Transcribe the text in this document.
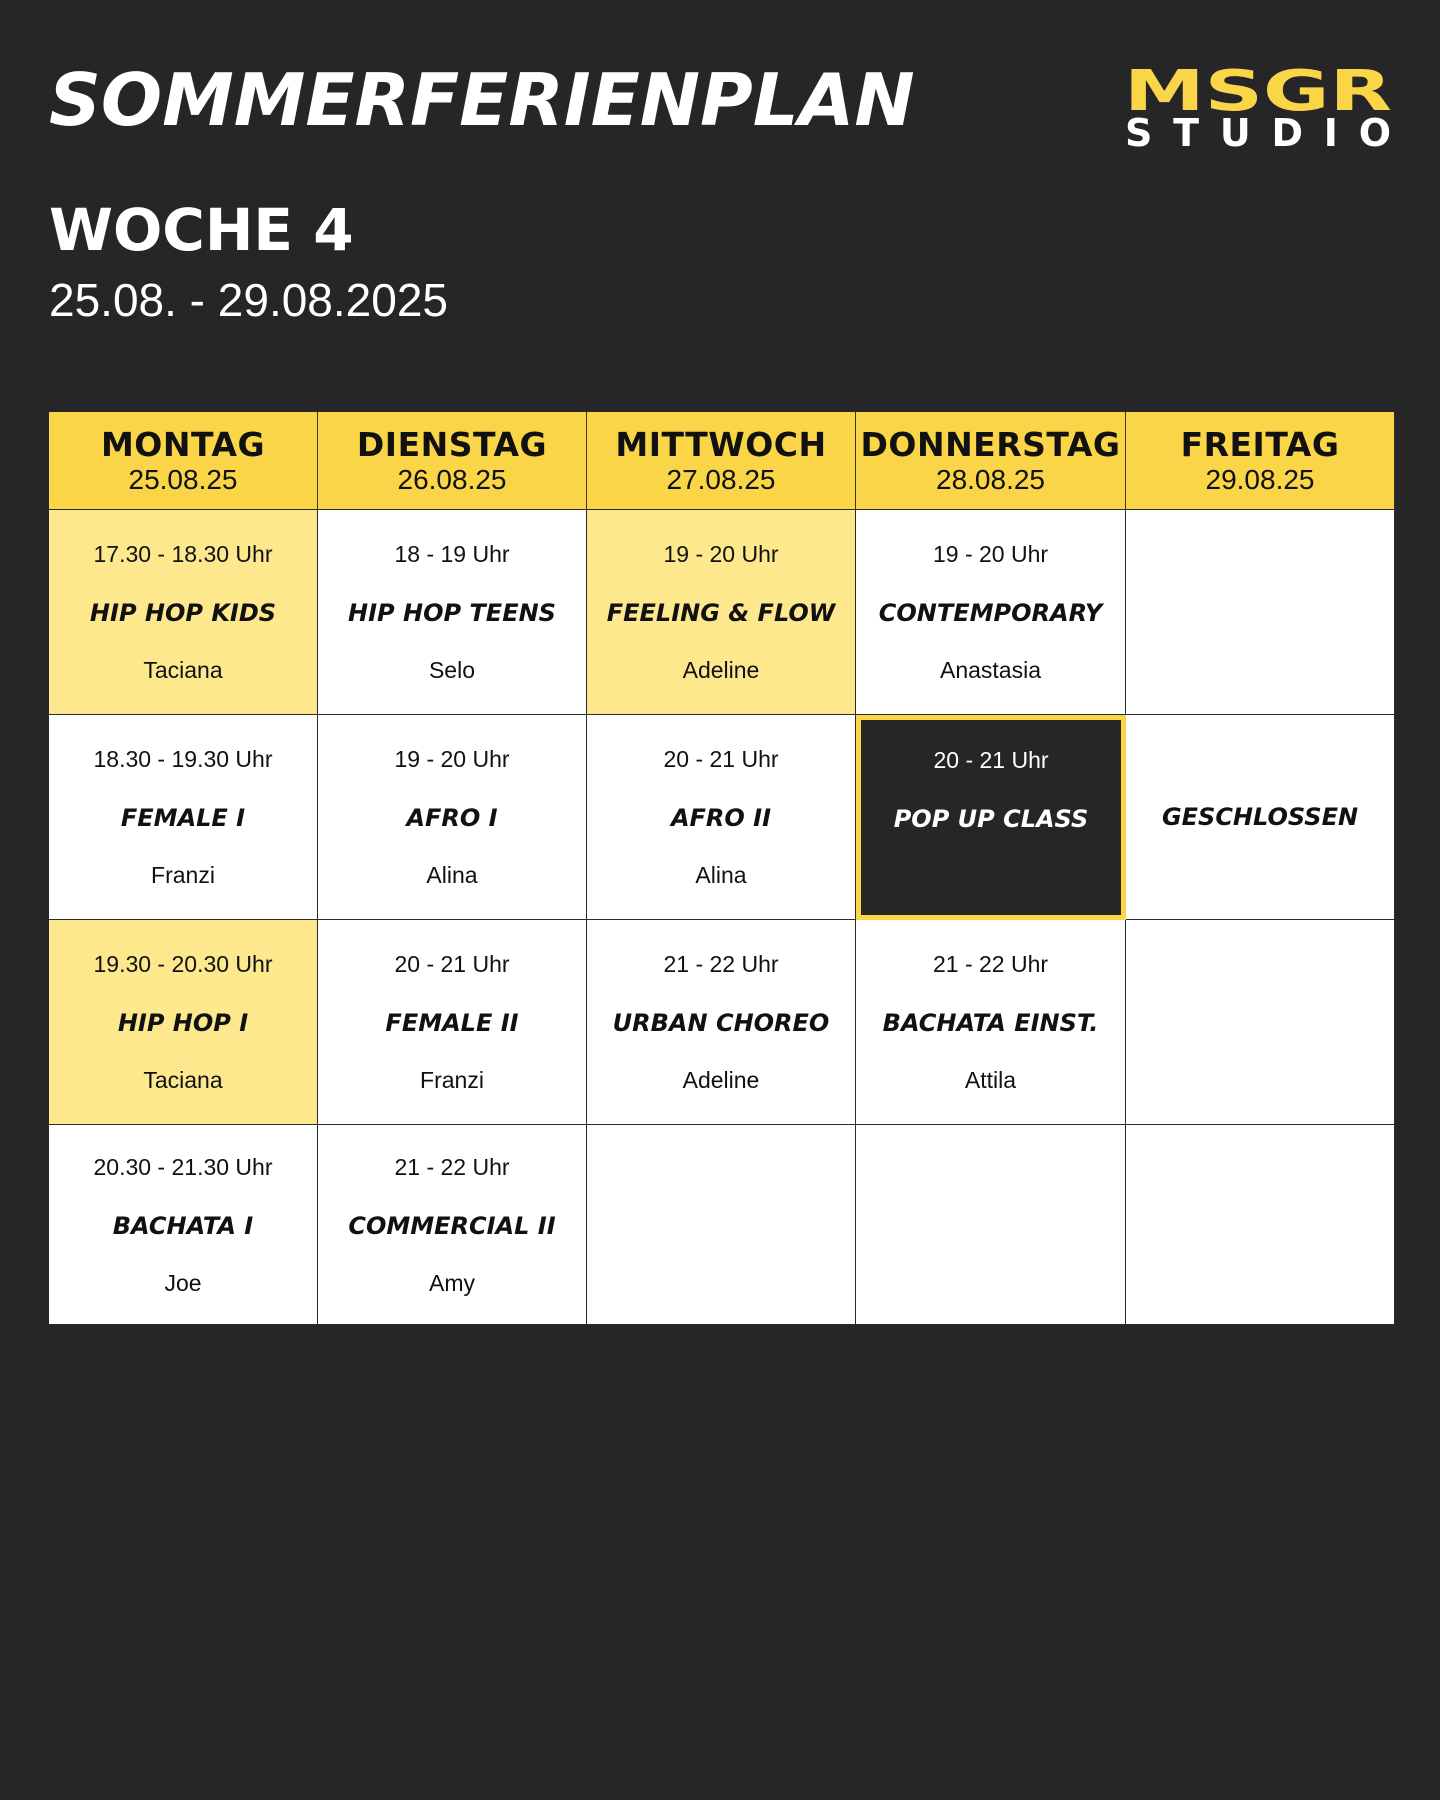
SOMMERFERIENPLAN	MSGR
STUDIO
WOCHE 4

25.08. - 29.08.2025

MONTAG
25.08.25
DIENSTAG
26.08.25
MITTWOCH
27.08.25
DONNERSTAG
28.08.25
FREITAG
29.08.25
17.30 - 18.30 Uhr
HIP HOP KIDS
Taciana
18 - 19 Uhr
HIP HOP TEENS
Selo
19 - 20 Uhr
FEELING & FLOW
Adeline
19 - 20 Uhr
CONTEMPORARY
Anastasia
18.30 - 19.30 Uhr
FEMALE I
Franzi
19 - 20 Uhr
AFRO I
Alina
20 - 21 Uhr
AFRO II
Alina
20 - 21 Uhr
POP UP CLASS	GESCHLOSSEN
19.30 - 20.30 Uhr
HIP HOP I
Taciana
20 - 21 Uhr
FEMALE II
Franzi
21 - 22 Uhr
URBAN CHOREO
Adeline
21 - 22 Uhr
BACHATA EINST.
Attila
20.30 - 21.30 Uhr
BACHATA I
Joe
21 - 22 Uhr
COMMERCIAL II
Amy
